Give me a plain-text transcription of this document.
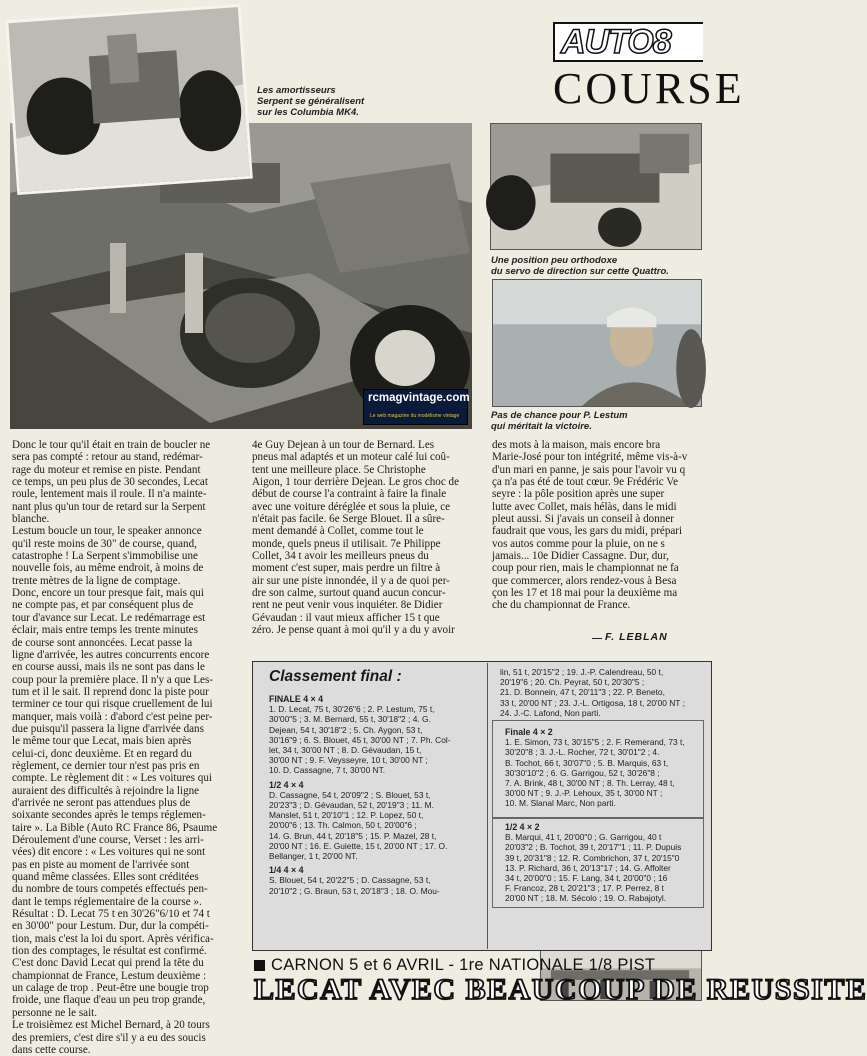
Les amortisseurs
Serpent se généralisent
sur les Columbia MK4.
Une position peu orthodoxe
du servo de direction sur cette Quattro.
Pas de chance pour P. Lestum
qui méritait la victoire.
AUTO8
COURSE
rcmagvintage.com
Le web magazine du modélisme vintage
Donc le tour qu'il était en train de boucler ne
sera pas compté : retour au stand, redémar-
rage du moteur et remise en piste. Pendant
ce temps, un peu plus de 30 secondes, Lecat
roule, lentement mais il roule. Il n'a mainte-
nant plus qu'un tour de retard sur la Serpent
blanche.
Lestum boucle un tour, le speaker annonce
qu'il reste moins de 30" de course, quand,
catastrophe ! La Serpent s'immobilise une
nouvelle fois, au même endroit, à moins de
trente mètres de la ligne de comptage.
Donc, encore un tour presque fait, mais qui
ne compte pas, et par conséquent plus de
tour d'avance sur Lecat. Le redémarrage est
éclair, mais entre temps les trente minutes
de course sont annoncées. Lecat passe la
ligne d'arrivée, les autres concurrents encore
en course aussi, mais ils ne sont pas dans le
coup pour la première place. Il n'y a que Les-
tum et il le sait. Il reprend donc la piste pour
terminer ce tour qui risque cruellement de lui
manquer, mais voilà : d'abord c'est peine per-
due puisqu'il passera la ligne d'arrivée dans
le même tour que Lecat, mais bien après
celui-ci, donc deuxième. Et en regard du
règlement, ce dernier tour n'est pas pris en
compte. Le règlement dit : « Les voitures qui
auraient des difficultés à rejoindre la ligne
d'arrivée ne seront pas attendues plus de
soixante secondes après le temps réglemen-
taire ». La Bible (Auto RC France 86, Psaume
Déroulement d'une course, Verset : les arri-
vées) dit encore : « Les voitures qui ne sont
pas en piste au moment de l'arrivée sont
quand même classées. Elles sont créditées
du nombre de tours competés effectués pen-
dant le temps réglementaire de la course ».
Résultat : D. Lecat 75 t en 30'26"6/10 et 74 t
en 30'00" pour Lestum. Dur, dur la compéti-
tion, mais c'est la loi du sport. Après vérifica-
tion des comptages, le résultat est confirmé.
C'est donc David Lecat qui prend la tête du
championnat de France, Lestum deuxième :
un calage de trop . Peut-être une bougie trop
froide, une flaque d'eau un peu trop grande,
personne ne le sait.
Le troisièmez est Michel Bernard, à 20 tours
des premiers, c'est dire s'il y a eu des soucis
dans cette course.
4e Guy Dejean à un tour de Bernard. Les
pneus mal adaptés et un moteur calé lui coû-
tent une meilleure place. 5e Christophe
Aigon, 1 tour derrière Dejean. Le gros choc de
début de course l'a contraint à faire la finale
avec une voiture déréglée et sous la pluie, ce
n'était pas facile. 6e Serge Blouet. Il a sûre-
ment demandé à Collet, comme tout le
monde, quels pneus il utilisait. 7e Philippe
Collet, 34 t avoir les meilleurs pneus du
moment c'est super, mais perdre un filtre à
air sur une piste innondée, il y a de quoi per-
dre son calme, surtout quand aucun concur-
rent ne peut venir vous inquiéter. 8e Didier
Gévaudan : il vaut mieux afficher 15 t que
zéro. Je pense quant à moi qu'il y a du y avoir
des mots à la maison, mais encore bra
Marie-José pour ton intégrité, même vis-à-v
d'un mari en panne, je sais pour l'avoir vu q
ça n'a pas été de tout cœur. 9e Frédéric Ve
seyre : la pôle position après une super
lutte avec Collet, mais hélàs, dans le midi
pleut aussi. Si j'avais un conseil à donner
faudrait que vous, les gars du midi, prépari
vos autos comme pour la pluie, on ne s
jamais... 10e Didier Cassagne. Dur, dur,
coup pour rien, mais le championnat ne fa
que commercer, alors rendez-vous à Besa
çon les 17 et 18 mai pour la deuxième ma
che du championnat de France.
F. LEBLAN
Classement final :
FINALE 4 × 4
1. D. Lecat, 75 t, 30'26"6 ; 2. P. Lestum, 75 t,
30'00"5 ; 3. M. Bernard, 55 t, 30'18"2 ; 4. G.
Dejean, 54 t, 30'18"2 ; 5. Ch. Aygon, 53 t,
30'16"9 ; 6. S. Blouet, 45 t, 30'00 NT ; 7. Ph. Col-
let, 34 t, 30'00 NT ; 8. D. Gévaudan, 15 t,
30'00 NT ; 9. F. Veysseyre, 10 t, 30'00 NT ;
10. D. Cassagne, 7 t, 30'00 NT.
1/2 4 × 4
D. Cassagne, 54 t, 20'09"2 ; S. Blouet, 53 t,
20'23"3 ; D. Gévaudan, 52 t, 20'19"3 ; 11. M.
Manslet, 51 t, 20'10"1 ; 12. P. Lopez, 50 t,
20'00"6 ; 13. Th. Calmon, 50 t, 20'00"6 ;
14. G. Brun, 44 t, 20'18"5 ; 15. P. Mazel, 28 t,
20'00 NT ; 16. E. Guiette, 15 t, 20'00 NT ; 17. O.
Bellanger, 1 t, 20'00 NT.
1/4 4 × 4
S. Blouet, 54 t, 20'22"5 ; D. Cassagne, 53 t,
20'10"2 ; G. Braun, 53 t, 20'18"3 ; 18. O. Mou-
lin, 51 t, 20'15"2 ; 19. J.-P. Calendreau, 50 t,
20'19"6 ; 20. Ch. Peyrat, 50 t, 20'30"5 ;
21. D. Bonnein, 47 t, 20'11"3 ; 22. P. Beneto,
33 t, 20'00 NT ; 23. J.-L. Ortigosa, 18 t, 20'00 NT ;
24. J.-C. Lafond, Non parti.
Finale 4 × 2
1. E. Simon, 73 t, 30'15"5 ; 2. F. Remerand, 73 t,
30'20"8 ; 3. J.-L. Rocher, 72 t, 30'01"2 ; 4.
B. Tochot, 66 t, 30'07"0 ; 5. B. Marquis, 63 t,
30'30'10"2 ; 6. G. Garrigou, 52 t, 30'26"8 ;
7. A. Brink, 48 t, 30'00 NT ; 8. Th. Lerray, 48 t,
30'00 NT ; 9. J.-P. Lehoux, 35 t, 30'00 NT ;
10. M. Slanal Marc, Non parti.
1/2 4 × 2
B. Marqui, 41 t, 20'00"0 ; G. Garrigou, 40 t
20'03"2 ; B. Tochot, 39 t, 20'17"1 ; 11. P. Dupuis
39 t, 20'31"8 ; 12. R. Combrichon, 37 t, 20'15"0
13. P. Richard, 36 t, 20'13"17 ; 14. G. Affolter
34 t, 20'00"0 ; 15. F. Lang, 34 t, 20'00"0 ; 16
F. Francoz, 28 t, 20'21"3 ; 17. P. Perrez, 8 t
20'00 NT ; 18. M. Sécolo ; 19. O. Rabajotyl.
CARNON 5 et 6 AVRIL - 1re NATIONALE 1/8 PIST
LECAT AVEC BEAUCOUP DE REUSSITE
